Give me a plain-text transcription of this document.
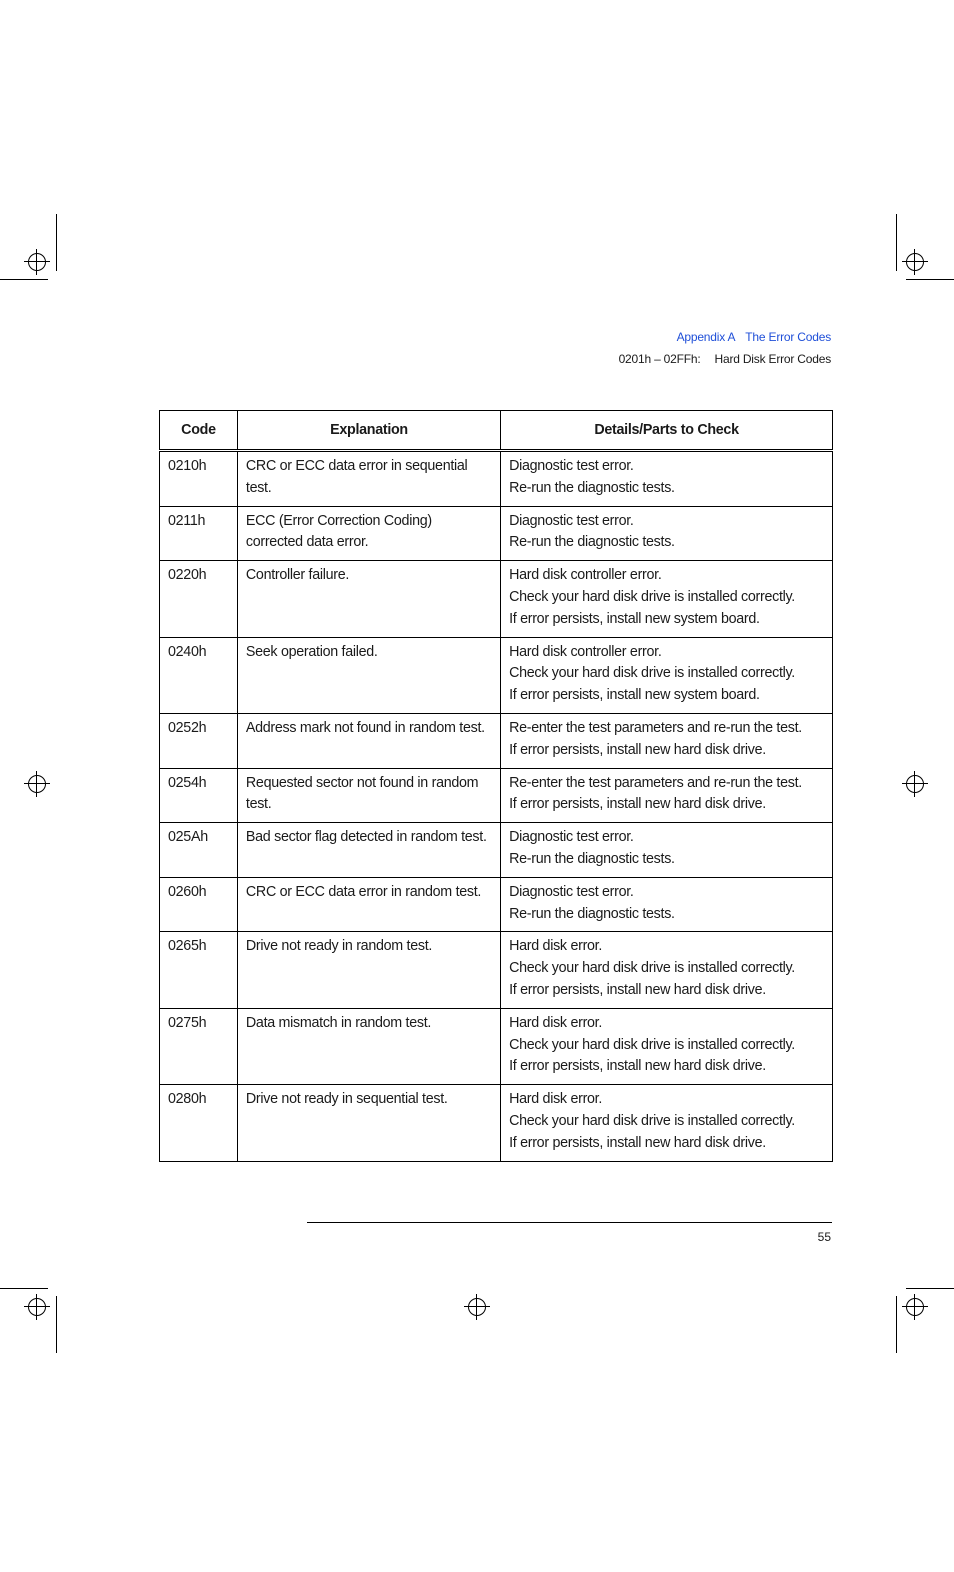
Appendix A The Error Codes
0201h – 02FFh: Hard Disk Error Codes
Code	Explanation	Details/Parts to Check
0210h	CRC or ECC data error in sequential test.	Diagnostic test error.
Re-run the diagnostic tests.

0211h	ECC (Error Correction Coding) corrected data error.	Diagnostic test error.
Re-run the diagnostic tests.

0220h	Controller failure.	Hard disk controller error.
Check your hard disk drive is installed correctly.
If error persists, install new system board.

0240h	Seek operation failed.	Hard disk controller error.
Check your hard disk drive is installed correctly.
If error persists, install new system board.

0252h	Address mark not found in random test.	Re-enter the test parameters and re-run the test.
If error persists, install new hard disk drive.

0254h	Requested sector not found in random test.	Re-enter the test parameters and re-run the test.
If error persists, install new hard disk drive.

025Ah	Bad sector flag detected in random test.	Diagnostic test error.
Re-run the diagnostic tests.

0260h	CRC or ECC data error in random test.	Diagnostic test error.
Re-run the diagnostic tests.

0265h	Drive not ready in random test.	Hard disk error.
Check your hard disk drive is installed correctly.
If error persists, install new hard disk drive.

0275h	Data mismatch in random test.	Hard disk error.
Check your hard disk drive is installed correctly.
If error persists, install new hard disk drive.

0280h	Drive not ready in sequential test.	Hard disk error.
Check your hard disk drive is installed correctly.
If error persists, install new hard disk drive.
55
